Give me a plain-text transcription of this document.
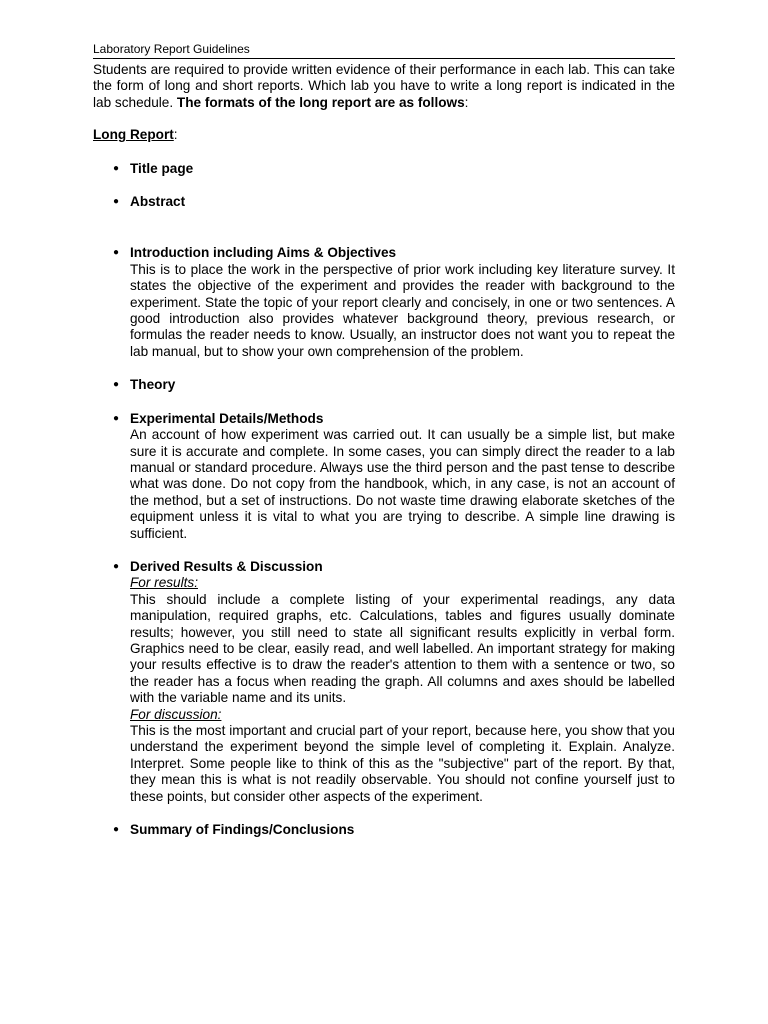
Laboratory Report Guidelines

Students are required to provide written evidence of their performance in each lab. This can take the form of long and short reports. Which lab you have to write a long report is indicated in the lab schedule. The formats of the long report are as follows:

Long Report:
● Title page
● Abstract
● Introduction including Aims & Objectives
This is to place the work in the perspective of prior work including key literature survey. It states the objective of the experiment and provides the reader with background to the experiment. State the topic of your report clearly and concisely, in one or two sentences. A good introduction also provides whatever background theory, previous research, or formulas the reader needs to know. Usually, an instructor does not want you to repeat the lab manual, but to show your own comprehension of the problem.
● Theory
● Experimental Details/Methods
An account of how experiment was carried out. It can usually be a simple list, but make sure it is accurate and complete. In some cases, you can simply direct the reader to a lab manual or standard procedure. Always use the third person and the past tense to describe what was done. Do not copy from the handbook, which, in any case, is not an account of the method, but a set of instructions. Do not waste time drawing elaborate sketches of the equipment unless it is vital to what you are trying to describe. A simple line drawing is sufficient.
● Derived Results & Discussion
For results:
This should include a complete listing of your experimental readings, any data manipulation, required graphs, etc. Calculations, tables and figures usually dominate results; however, you still need to state all significant results explicitly in verbal form. Graphics need to be clear, easily read, and well labelled. An important strategy for making your results effective is to draw the reader's attention to them with a sentence or two, so the reader has a focus when reading the graph. All columns and axes should be labelled with the variable name and its units.
For discussion:
This is the most important and crucial part of your report, because here, you show that you understand the experiment beyond the simple level of completing it. Explain. Analyze. Interpret. Some people like to think of this as the "subjective" part of the report. By that, they mean this is what is not readily observable. You should not confine yourself just to these points, but consider other aspects of the experiment.
● Summary of Findings/Conclusions
